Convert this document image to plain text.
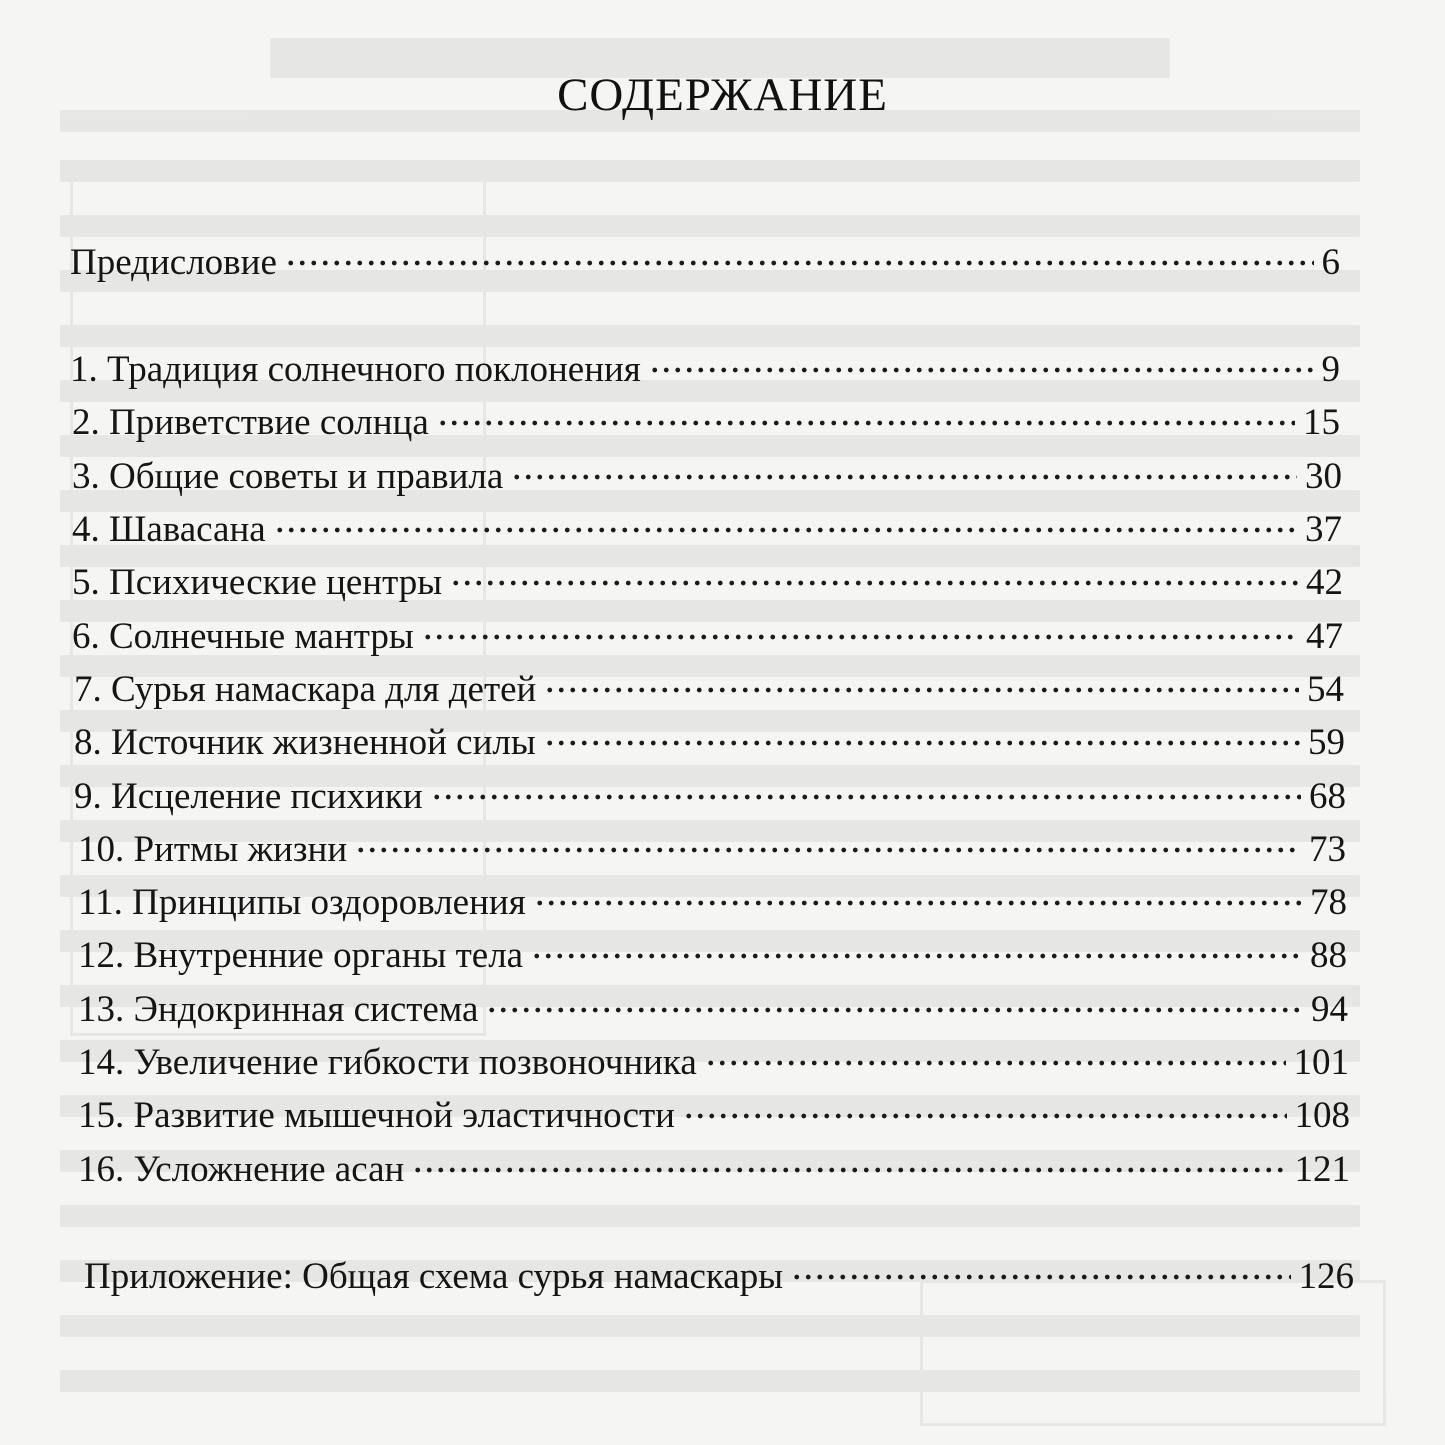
СОДЕРЖАНИЕ
Предисловие	6
1. Традиция солнечного поклонения	9
2. Приветствие солнца	15
3. Общие советы и правила	30
4. Шавасана	37
5. Психические центры	42
6. Солнечные мантры	47
7. Сурья намаскара для детей	54
8. Источник жизненной силы	59
9. Исцеление психики	68
10. Ритмы жизни	73
11. Принципы оздоровления	78
12. Внутренние органы тела	88
13. Эндокринная система	94
14. Увеличение гибкости позвоночника	101
15. Развитие мышечной эластичности	108
16. Усложнение асан	121
Приложение: Общая схема сурья намаскары	126
